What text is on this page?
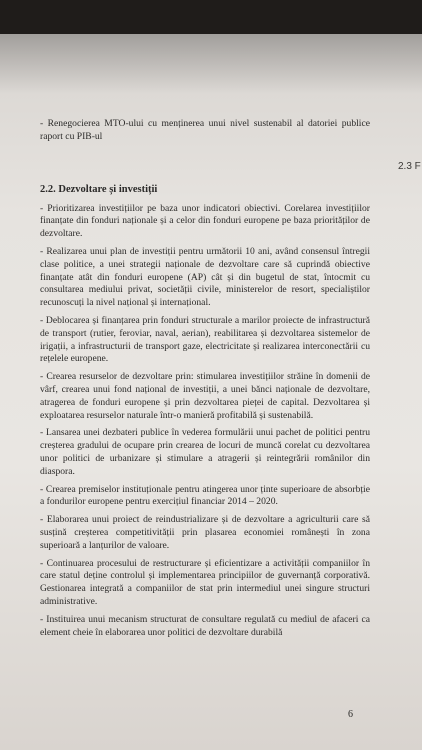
2.3 F

- Renegocierea MTO-ului cu menținerea unui nivel sustenabil al datoriei publice raport cu PIB-ul

2.2. Dezvoltare și investiții

- Prioritizarea investițiilor pe baza unor indicatori obiectivi. Corelarea investițiilor finanțate din fonduri naționale și a celor din fonduri europene pe baza priorităților de dezvoltare.

- Realizarea unui plan de investiții pentru următorii 10 ani, având consensul întregii clase politice, a unei strategii naționale de dezvoltare care să cuprindă obiective finanțate atât din fonduri europene (AP) cât și din bugetul de stat, întocmit cu consultarea mediului privat, societății civile, ministerelor de resort, specialiștilor recunoscuți la nivel național și internațional.

- Deblocarea și finanțarea prin fonduri structurale a marilor proiecte de infrastructură de transport (rutier, feroviar, naval, aerian), reabilitarea și dezvoltarea sistemelor de irigații, a infrastructurii de transport gaze, electricitate și realizarea interconectării cu rețelele europene.

- Crearea resurselor de dezvoltare prin: stimularea investițiilor străine în domenii de vârf, crearea unui fond național de investiții, a unei bănci naționale de dezvoltare, atragerea de fonduri europene și prin dezvoltarea pieței de capital. Dezvoltarea și exploatarea resurselor naturale într-o manieră profitabilă și sustenabilă.

- Lansarea unei dezbateri publice în vederea formulării unui pachet de politici pentru creșterea gradului de ocupare prin crearea de locuri de muncă corelat cu dezvoltarea unor politici de urbanizare și stimulare a atragerii și reintegrării românilor din diaspora.

- Crearea premiselor instituționale pentru atingerea unor ținte superioare de absorbție a fondurilor europene pentru exercițiul financiar 2014 – 2020.

- Elaborarea unui proiect de reindustrializare și de dezvoltare a agriculturii care să susțină creșterea competitivității prin plasarea economiei românești în zona superioară a lanțurilor de valoare.

- Continuarea procesului de restructurare și eficientizare a activității companiilor în care statul deține controlul și implementarea principiilor de guvernanță corporativă. Gestionarea integrată a companiilor de stat prin intermediul unei singure structuri administrative.

- Instituirea unui mecanism structurat de consultare regulată cu mediul de afaceri ca element cheie în elaborarea unor politici de dezvoltare durabilă

6
